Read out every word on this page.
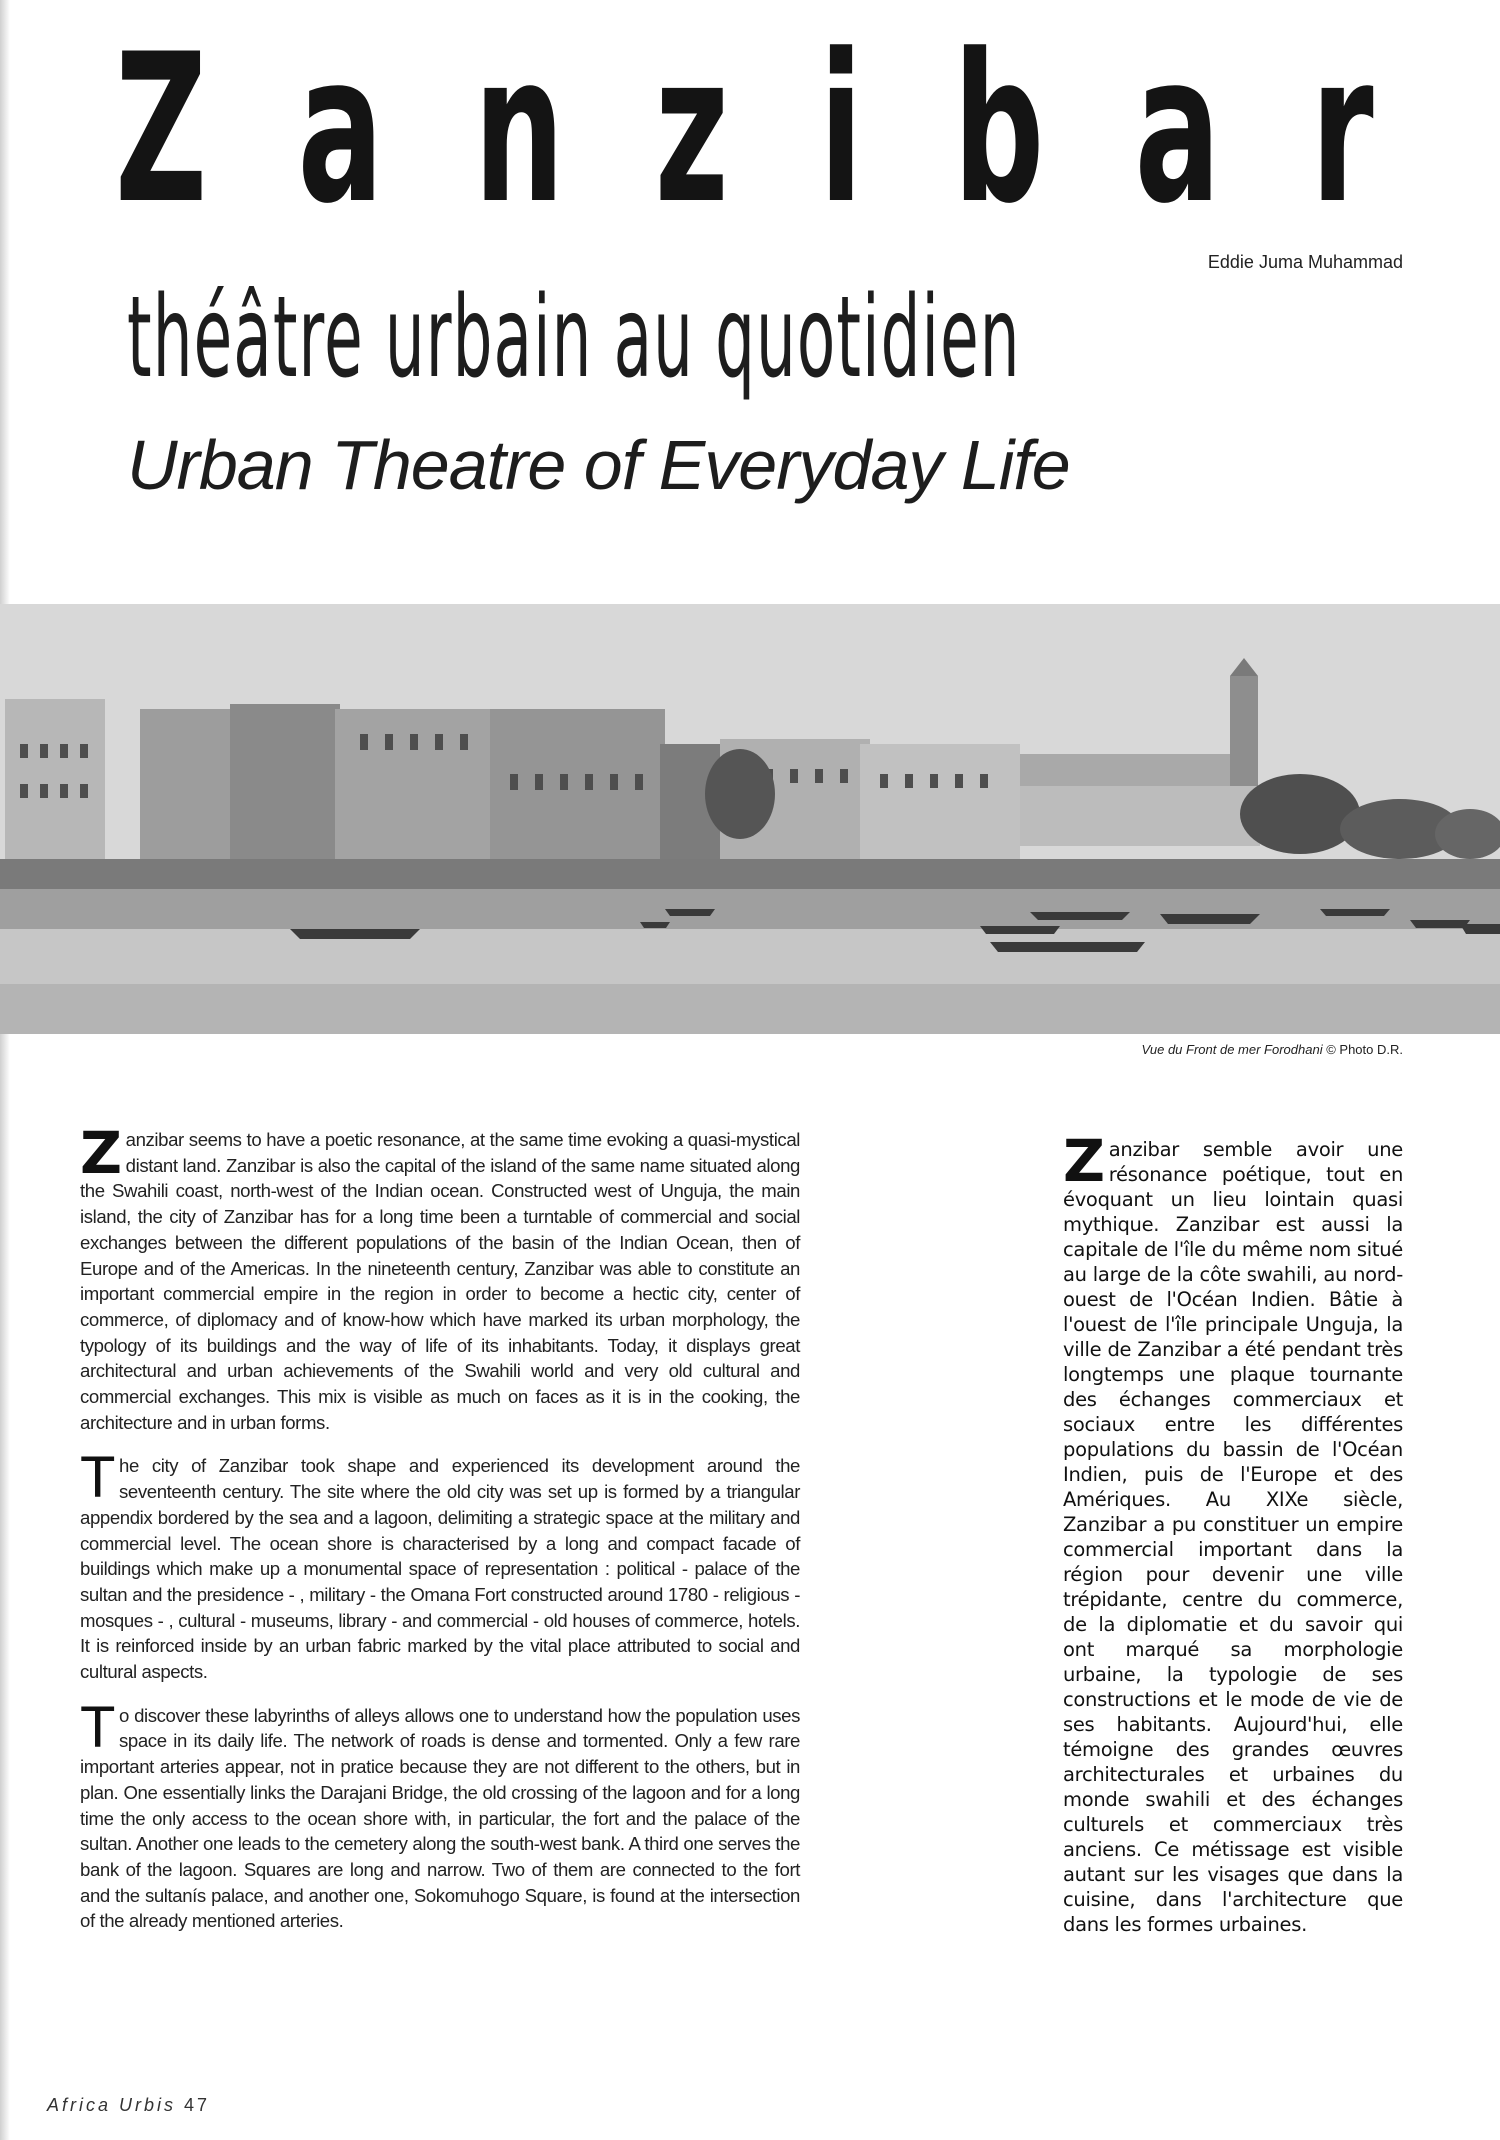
Z a n z i b a r

Eddie Juma Muhammad

théâtre urbain au quotidien
Urban Theatre of Everyday Life

Vue du Front de mer Forodhani © Photo D.R.

Z anzibar seems to have a poetic resonance, at the same time evoking a quasi-mystical distant land. Zanzibar is also the capital of the island of the same name situated along the Swahili coast, north-west of the Indian ocean. Constructed west of Unguja, the main island, the city of Zanzibar has for a long time been a turntable of commercial and social exchanges between the different populations of the basin of the Indian Ocean, then of Europe and of the Americas. In the nineteenth century, Zanzibar was able to constitute an important commercial empire in the region in order to become a hectic city, center of commerce, of diplomacy and of know-how which have marked its urban morphology, the typology of its buildings and the way of life of its inhabitants. Today, it displays great architectural and urban achievements of the Swahili world and very old cultural and commercial exchanges. This mix is visible as much on faces as it is in the cooking, the architecture and in urban forms.

T he city of Zanzibar took shape and experienced its development around the seventeenth century. The site where the old city was set up is formed by a triangular appendix bordered by the sea and a lagoon, delimiting a strategic space at the military and commercial level. The ocean shore is characterised by a long and compact facade of buildings which make up a monumental space of representation : political - palace of the sultan and the presidence - , military - the Omana Fort constructed around 1780 - religious - mosques - , cultural - museums, library - and commercial - old houses of commerce, hotels. It is reinforced inside by an urban fabric marked by the vital place attributed to social and cultural aspects.

T o discover these labyrinths of alleys allows one to understand how the population uses space in its daily life. The network of roads is dense and tormented. Only a few rare important arteries appear, not in pratice because they are not different to the others, but in plan. One essentially links the Darajani Bridge, the old crossing of the lagoon and for a long time the only access to the ocean shore with, in particular, the fort and the palace of the sultan. Another one leads to the cemetery along the south-west bank. A third one serves the bank of the lagoon. Squares are long and narrow. Two of them are connected to the fort and the sultanís palace, and another one, Sokomuhogo Square, is found at the intersection of the already mentioned arteries.

Z anzibar semble avoir une résonance poétique, tout en évoquant un lieu lointain quasi mythique. Zanzibar est aussi la capitale de l'île du même nom situé au large de la côte swahili, au nord-ouest de l'Océan Indien. Bâtie à l'ouest de l'île principale Unguja, la ville de Zanzibar a été pendant très longtemps une plaque tournante des échanges commerciaux et sociaux entre les différentes populations du bassin de l'Océan Indien, puis de l'Europe et des Amériques. Au XIXe siècle, Zanzibar a pu constituer un empire commercial important dans la région pour devenir une ville trépidante, centre du commerce, de la diplomatie et du savoir qui ont marqué sa morphologie urbaine, la typologie de ses constructions et le mode de vie de ses habitants. Aujourd'hui, elle témoigne des grandes œuvres architecturales et urbaines du monde swahili et des échanges culturels et commerciaux très anciens. Ce métissage est visible autant sur les visages que dans la cuisine, dans l'architecture que dans les formes urbaines.

Africa Urbis 47
